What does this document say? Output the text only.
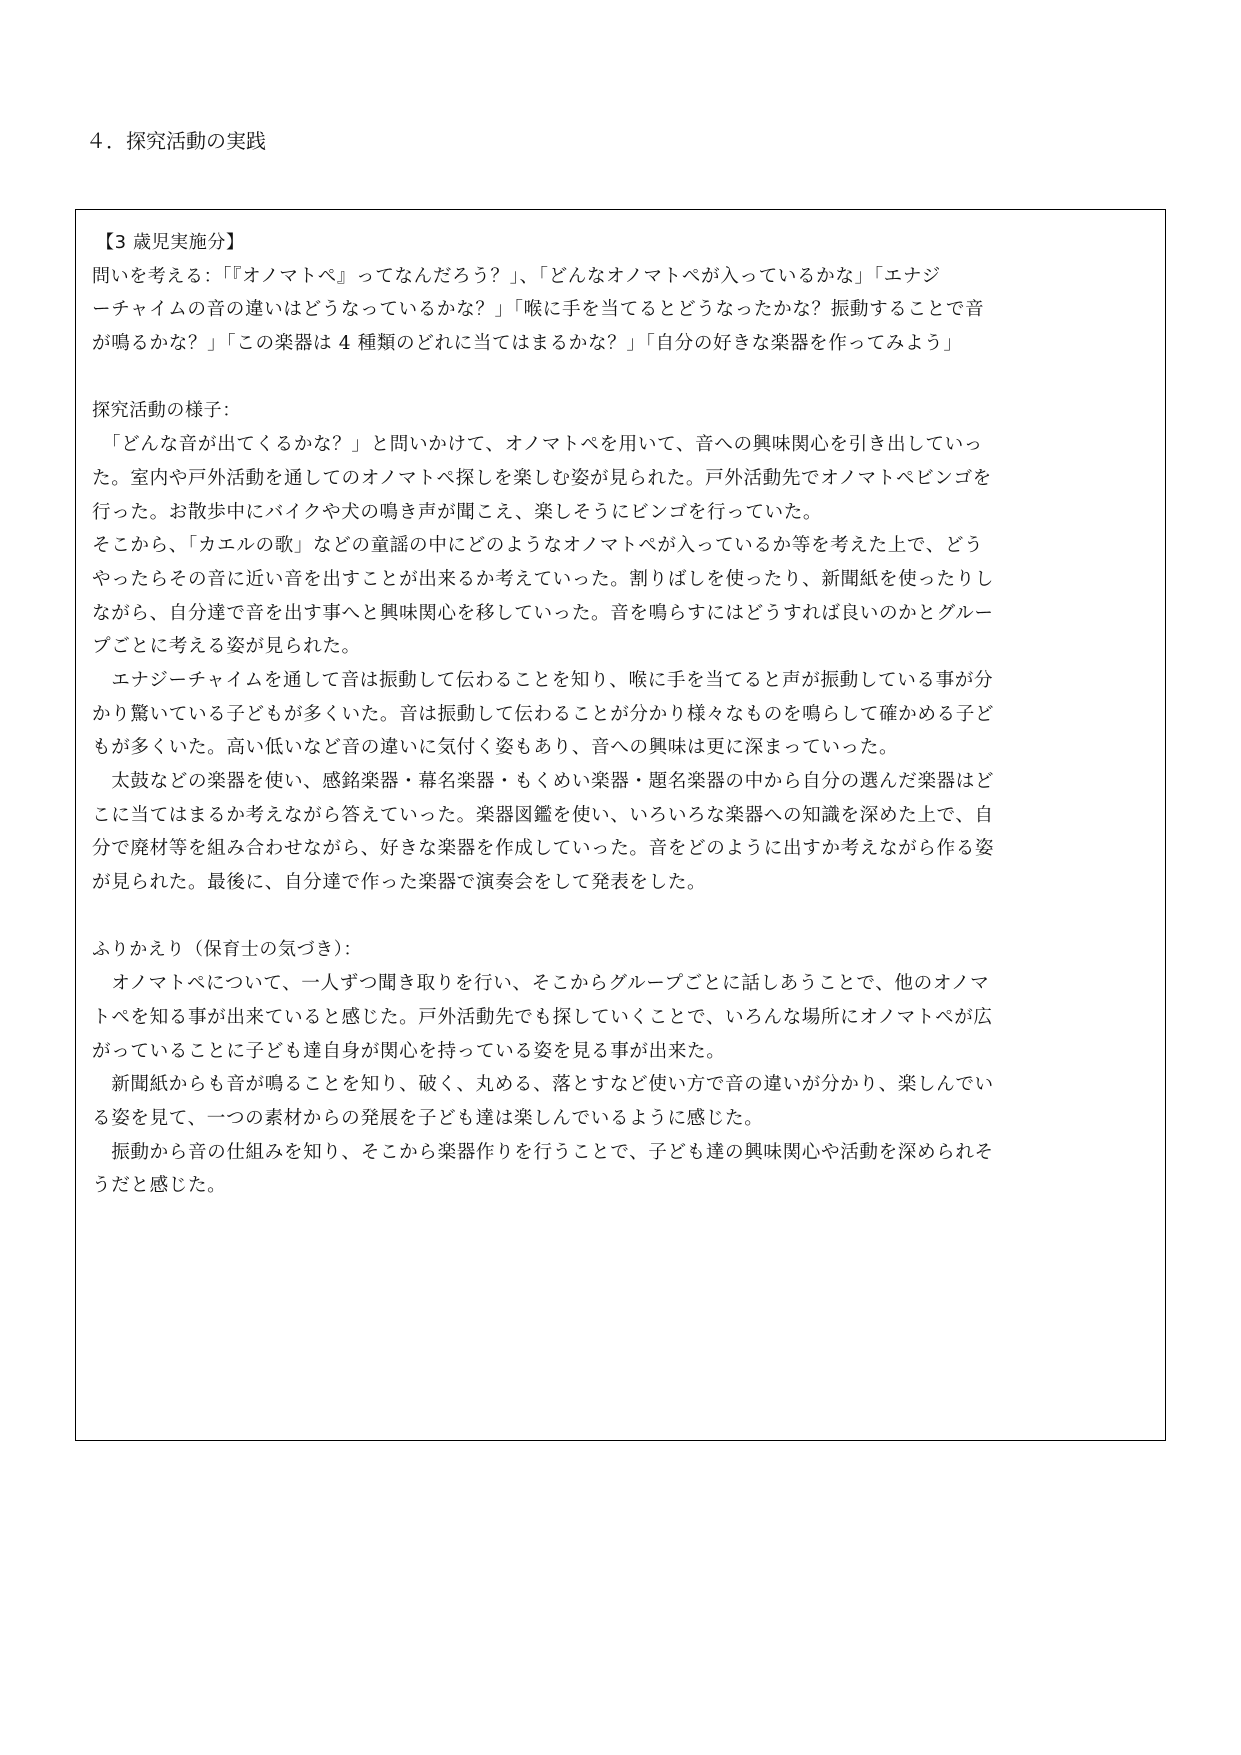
４．探究活動の実践
【3 歳児実施分】
問いを考える：「『オノマトペ』ってなんだろう？」、「どんなオノマトペが入っているかな」「エナジ
ーチャイムの音の違いはどうなっているかな？」「喉に手を当てるとどうなったかな？振動することで音
が鳴るかな？」「この楽器は 4 種類のどれに当てはまるかな？」「自分の好きな楽器を作ってみよう」
探究活動の様子：
　「どんな音が出てくるかな？」と問いかけて、オノマトペを用いて、音への興味関心を引き出していっ
た。室内や戸外活動を通してのオノマトペ探しを楽しむ姿が見られた。戸外活動先でオノマトペビンゴを
行った。お散歩中にバイクや犬の鳴き声が聞こえ、楽しそうにビンゴを行っていた。
そこから、「カエルの歌」などの童謡の中にどのようなオノマトペが入っているか等を考えた上で、どう
やったらその音に近い音を出すことが出来るか考えていった。割りばしを使ったり、新聞紙を使ったりし
ながら、自分達で音を出す事へと興味関心を移していった。音を鳴らすにはどうすれば良いのかとグルー
プごとに考える姿が見られた。
　エナジーチャイムを通して音は振動して伝わることを知り、喉に手を当てると声が振動している事が分
かり驚いている子どもが多くいた。音は振動して伝わることが分かり様々なものを鳴らして確かめる子ど
もが多くいた。高い低いなど音の違いに気付く姿もあり、音への興味は更に深まっていった。
　太鼓などの楽器を使い、感銘楽器・幕名楽器・もくめい楽器・題名楽器の中から自分の選んだ楽器はど
こに当てはまるか考えながら答えていった。楽器図鑑を使い、いろいろな楽器への知識を深めた上で、自
分で廃材等を組み合わせながら、好きな楽器を作成していった。音をどのように出すか考えながら作る姿
が見られた。最後に、自分達で作った楽器で演奏会をして発表をした。
ふりかえり（保育士の気づき）：
　オノマトペについて、一人ずつ聞き取りを行い、そこからグループごとに話しあうことで、他のオノマ
トペを知る事が出来ていると感じた。戸外活動先でも探していくことで、いろんな場所にオノマトペが広
がっていることに子ども達自身が関心を持っている姿を見る事が出来た。
　新聞紙からも音が鳴ることを知り、破く、丸める、落とすなど使い方で音の違いが分かり、楽しんでい
る姿を見て、一つの素材からの発展を子ども達は楽しんでいるように感じた。
　振動から音の仕組みを知り、そこから楽器作りを行うことで、子ども達の興味関心や活動を深められそ
うだと感じた。
